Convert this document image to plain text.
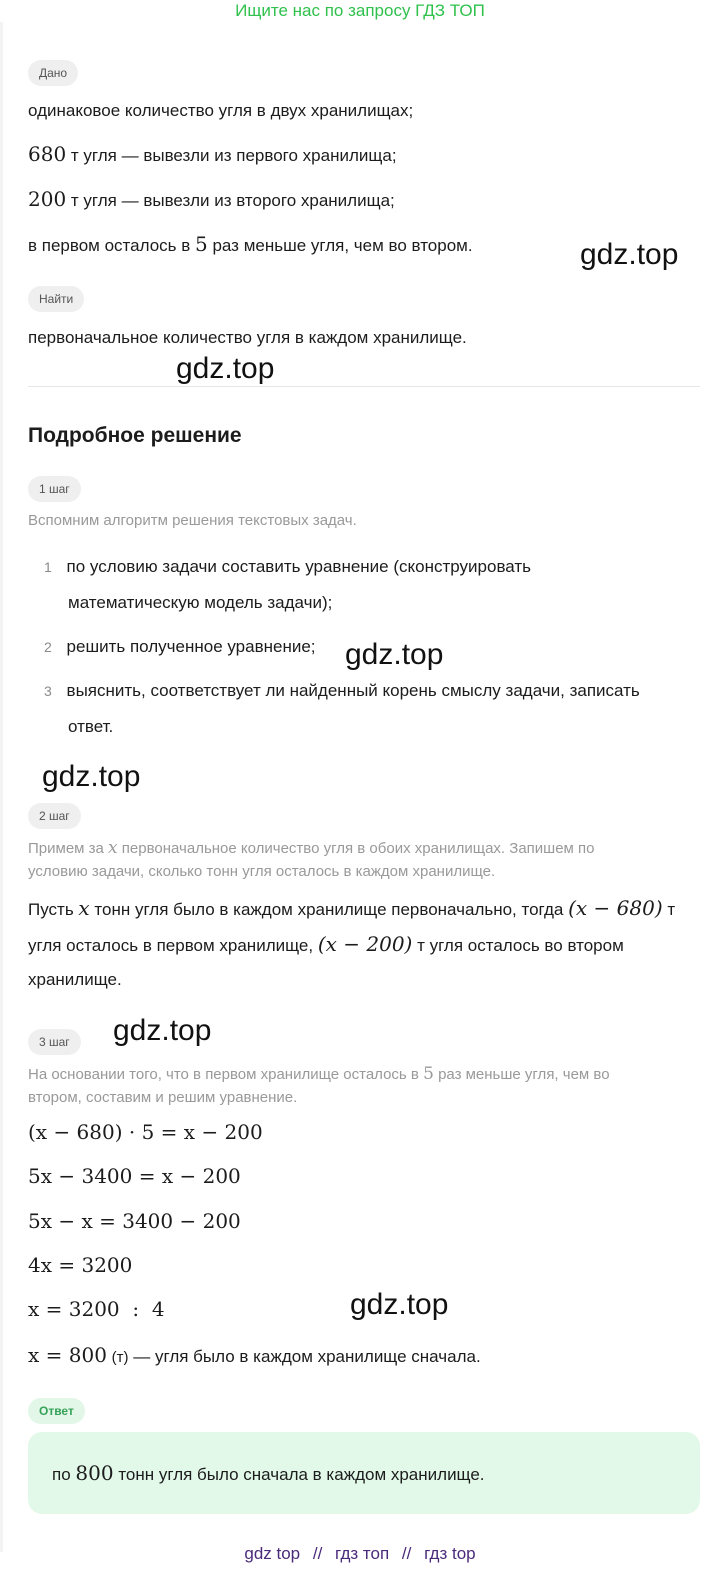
Ищите нас по запросу ГДЗ ТОП
Дано
одинаковое количество угля в двух хранилищах;
680 т угля — вывезли из первого хранилища;
200 т угля — вывезли из второго хранилища;
в первом осталось в 5 раз меньше угля, чем во втором.	gdz.top
Найти
первоначальное количество угля в каждом хранилище.
gdz.top
Подробное решение
1 шаг
Вспомним алгоритм решения текстовых задач.
1 по условию задачи составить уравнение (сконструировать
математическую модель задачи);
2 решить полученное уравнение; gdz.top
3 выяснить, соответствует ли найденный корень смыслу задачи, записать
ответ.
gdz.top
2 шаг
Примем за x первоначальное количество угля в обоих хранилищах. Запишем по
условию задачи, сколько тонн угля осталось в каждом хранилище.
Пусть x тонн угля было в каждом хранилище первоначально, тогда (x − 680) т
угля осталось в первом хранилище, (x − 200) т угля осталось во втором
хранилище.
3 шаг	gdz.top
На основании того, что в первом хранилище осталось в 5 раз меньше угля, чем во
втором, составим и решим уравнение.
(x − 680) · 5 = x − 200
5x − 3400 = x − 200
5x − x = 3400 − 200
4x = 3200
x = 3200  :  4	gdz.top
x = 800 (т) — угля было в каждом хранилище сначала.
Ответ
по 800 тонн угля было сначала в каждом хранилище.
gdz top // гдз топ // гдз top
